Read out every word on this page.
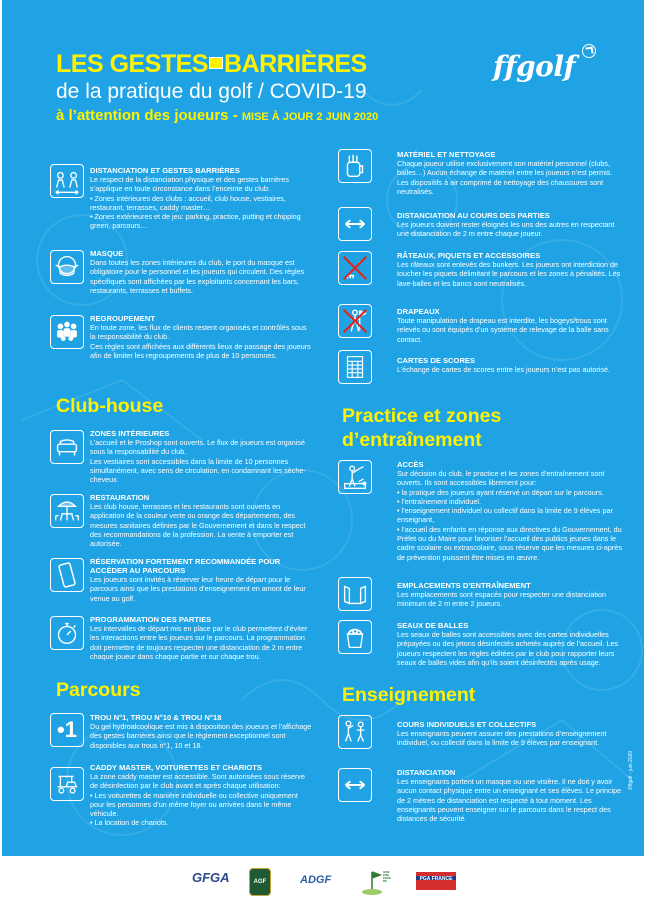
LES GESTES BARRIÈRES
de la pratique du golf / COVID-19
à l’attention des joueurs - MISE À JOUR 2 JUIN 2020
ffgolf
DISTANCIATION ET GESTES BARRIÈRES

Le respect de la distanciation physique et des gestes barrières s’applique en toute circonstance dans l’enceinte du club:

• Zones intérieures des clubs : accueil, club house, vestiaires, restaurant, terrasses, caddy master…

• Zones extérieures et de jeu: parking, practice, putting et chipping green, parcours…

MASQUE

Dans toutes les zones intérieures du club, le port du masque est obligatoire pour le personnel et les joueurs qui circulent. Des règles spécifiques sont affichées par les exploitants concernant les bars, restaurants, terrasses et buffets.

REGROUPEMENT

En toute zone, les flux de clients restent organisés et contrôlés sous la responsabilité du club.

Ces règles sont affichées aux différents lieux de passage des joueurs afin de limiter les regroupements de plus de 10 personnes.

Club-house
ZONES INTÉRIEURES

L’accueil et le Proshop sont ouverts. Le flux de joueurs est organisé sous la responsabilité du club.

Les vestiaires sont accessibles dans la limite de 10 personnes simultanément, avec sens de circulation, en condamnant les sèche-cheveux.

RESTAURATION

Les club house, terrasses et les restaurants sont ouverts en application de la couleur verte ou orange des départements, des mesures sanitaires définies par le Gouvernement et dans le respect des recommandations de la profession. La vente à emporter est autorisée.

RÉSERVATION FORTEMENT RECOMMANDÉE POUR ACCÉDER AU PARCOURS

Les joueurs sont invités à réserver leur heure de départ pour le parcours ainsi que les prestations d’enseignement en amont de leur venue au golf.

PROGRAMMATION DES PARTIES

Les intervalles de départ mis en place par le club permettent d’éviter les interactions entre les joueurs sur le parcours. La programmation doit permettre de toujours respecter une distanciation de 2 m entre chaque joueur dans chaque partie et sur chaque trou.

Parcours
•1	TROU N°1, TROU N°10 & TROU N°18

Du gel hydroalcoolique est mis à disposition des joueurs et l’affichage des gestes barrières ainsi que le règlement exceptionnel sont disponibles aux trous n°1, 10 et 18.

CADDY MASTER, VOITURETTES ET CHARIOTS

La zone caddy master est accessible. Sont autorisées sous réserve de désinfection par le club avant et après chaque utilisation:

• Les voiturettes de manière individuelle ou collective uniquement pour les personnes d’un même foyer ou arrivées dans le même véhicule.

• La location de chariots.

MATÉRIEL ET NETTOYAGE

Chaque joueur utilise exclusivement son matériel personnel (clubs, balles…) Aucun échange de matériel entre les joueurs n’est permis.

Les dispositifs à air comprimé de nettoyage des chaussures sont neutralisés.

DISTANCIATION AU COURS DES PARTIES

Les joueurs doivent rester éloignés les uns des autres en respectant une distanciation de 2 m entre chaque joueur.

RÂTEAUX, PIQUETS ET ACCESSOIRES

Les râteaux sont enlevés des bunkers. Les joueurs ont interdiction de toucher les piquets délimitant le parcours et les zones à pénalités. Les lave-balles et les bancs sont neutralisés.

DRAPEAUX

Toute manipulation de drapeau est interdite, les bogeys/trous sont relevés ou sont équipés d’un système de relevage de la balle sans contact.

CARTES DE SCORES

L’échange de cartes de scores entre les joueurs n’est pas autorisé.

Practice et zones
d’entraînement
ACCÈS

Sur décision du club, le practice et les zones d’entraînement sont ouverts. Ils sont accessibles librement pour:

• la pratique des joueurs ayant réservé un départ sur le parcours.

• l’entraînement individuel.

• l’enseignement individuel ou collectif dans la limite de 9 élèves par enseignant,

• l’accueil des enfants en réponse aux directives du Gouvernement, du Préfet ou du Maire pour favoriser l’accueil des publics jeunes dans le cadre scolaire ou extrascolaire, sous réserve que les mesures ci-après de prévention puissent être mises en œuvre.

EMPLACEMENTS D’ENTRAÎNEMENT

Les emplacements sont espacés pour respecter une distanciation minimum de 2 m entre 2 joueurs.

SEAUX DE BALLES

Les seaux de balles sont accessibles avec des cartes individuelles prépayées ou des jetons désinfectés achetés auprès de l’accueil. Les joueurs respectent les règles éditées par le club pour rapporter leurs seaux de balles vides afin qu’ils soient désinfectés après usage.

Enseignement
COURS INDIVIDUELS ET COLLECTIFS

Les enseignants peuvent assurer des prestations d’enseignement individuel, ou collectif dans la limite de 9 élèves par enseignant.

DISTANCIATION

Les enseignants portent un masque ou une visière. Il ne doit y avoir aucun contact physique entre un enseignant et ses élèves. Le principe de 2 mètres de distanciation est respecté à tout moment. Les enseignants peuvent enseigner sur le parcours dans le respect des distances de sécurité.

©ffgolf - juin 2020
GFGA	AGF	ADGF
GREENKEEPERS	PGA FRANCE
